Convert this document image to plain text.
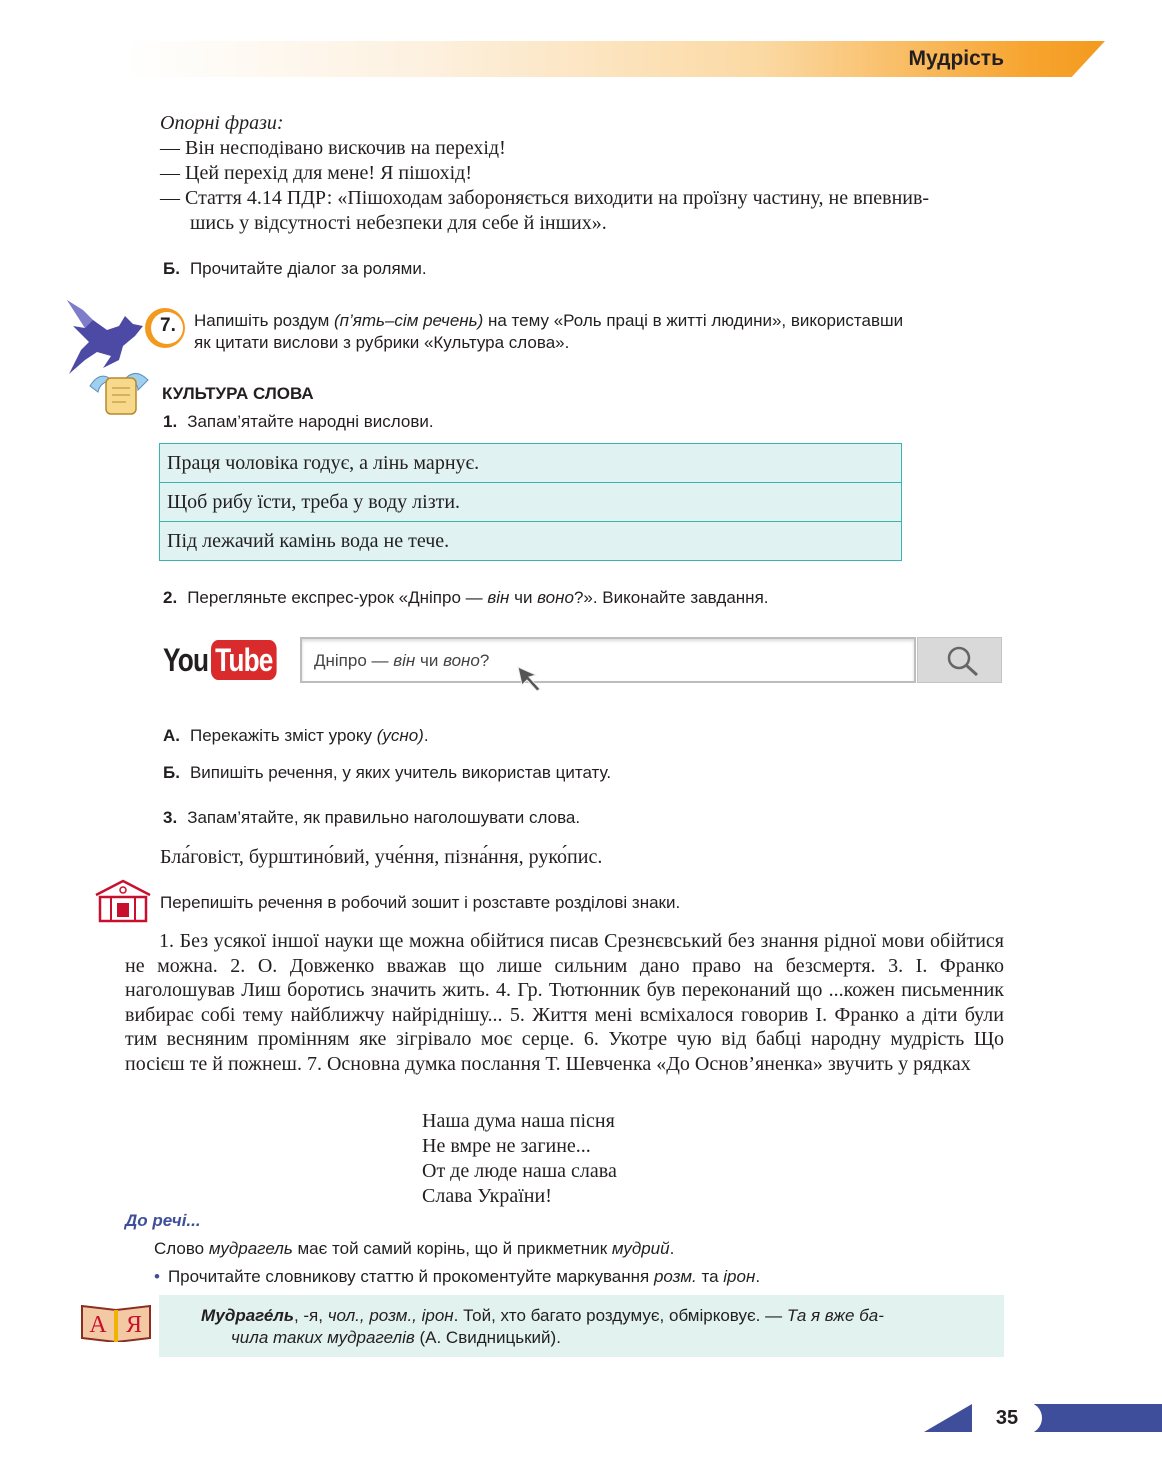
Мудрість
Опорні фрази:
— Він несподівано вискочив на перехід!
— Цей перехід для мене! Я пішохід!
— Стаття 4.14 ПДР: «Пішоходам забороняється виходити на проїзну частину, не впевнив-
шись у відсутності небезпеки для себе й інших».
Б. Прочитайте діалог за ролями.
7. Напишіть роздум (п’ять–сім речень) на тему «Роль праці в житті людини», використавши
як цитати вислови з рубрики «Культура слова».
КУЛЬТУРА СЛОВА
1. Запам’ятайте народні вислови.
Праця чоловіка годує, а лінь марнує.
Щоб рибу їсти, треба у воду лізти.
Під лежачий камінь вода не тече.
2. Перегляньте експрес-урок «Дніпро — він чи воно?». Виконайте завдання.
You Tube Дніпро — він чи воно?
А. Перекажіть зміст уроку (усно).
Б. Випишіть речення, у яких учитель використав цитату.
3. Запам’ятайте, як правильно наголошувати слова.
Бла́говіст, бурштино́вий, уче́ння, пізна́ння, руко́пис.
Перепишіть речення в робочий зошит і розставте розділові знаки.
1. Без усякої іншої науки ще можна обійтися писав Срезнєвський без знання рідної мови обійтися не можна. 2. О. Довженко вважав що лише сильним дано право на безсмертя. 3. І. Франко наголошував Лиш боротись значить жить. 4. Гр. Тютюнник був переконаний що ...кожен письменник вибирає собі тему найближчу найріднішу... 5. Життя мені всміхалося говорив І. Франко а діти були тим весняним промінням яке зігрівало моє серце. 6. Укотре чую від бабці народну мудрість Що посієш те й пожнеш. 7. Основна думка послання Т. Шевченка «До Основ’яненка» звучить у рядках
Наша дума наша пісня
Не вмре не загине...
От де люде наша слава
Слава України!
До речі...
Слово мудрагель має той самий корінь, що й прикметник мудрий.
• Прочитайте словникову статтю й прокоментуйте маркування розм. та ірон.
А Я	Мудраге́ль, -я, чол., розм., ірон. Той, хто багато роздумує, обмірковує. — Та я вже ба-
чила таких мудрагелів (А. Свидницький).
35
